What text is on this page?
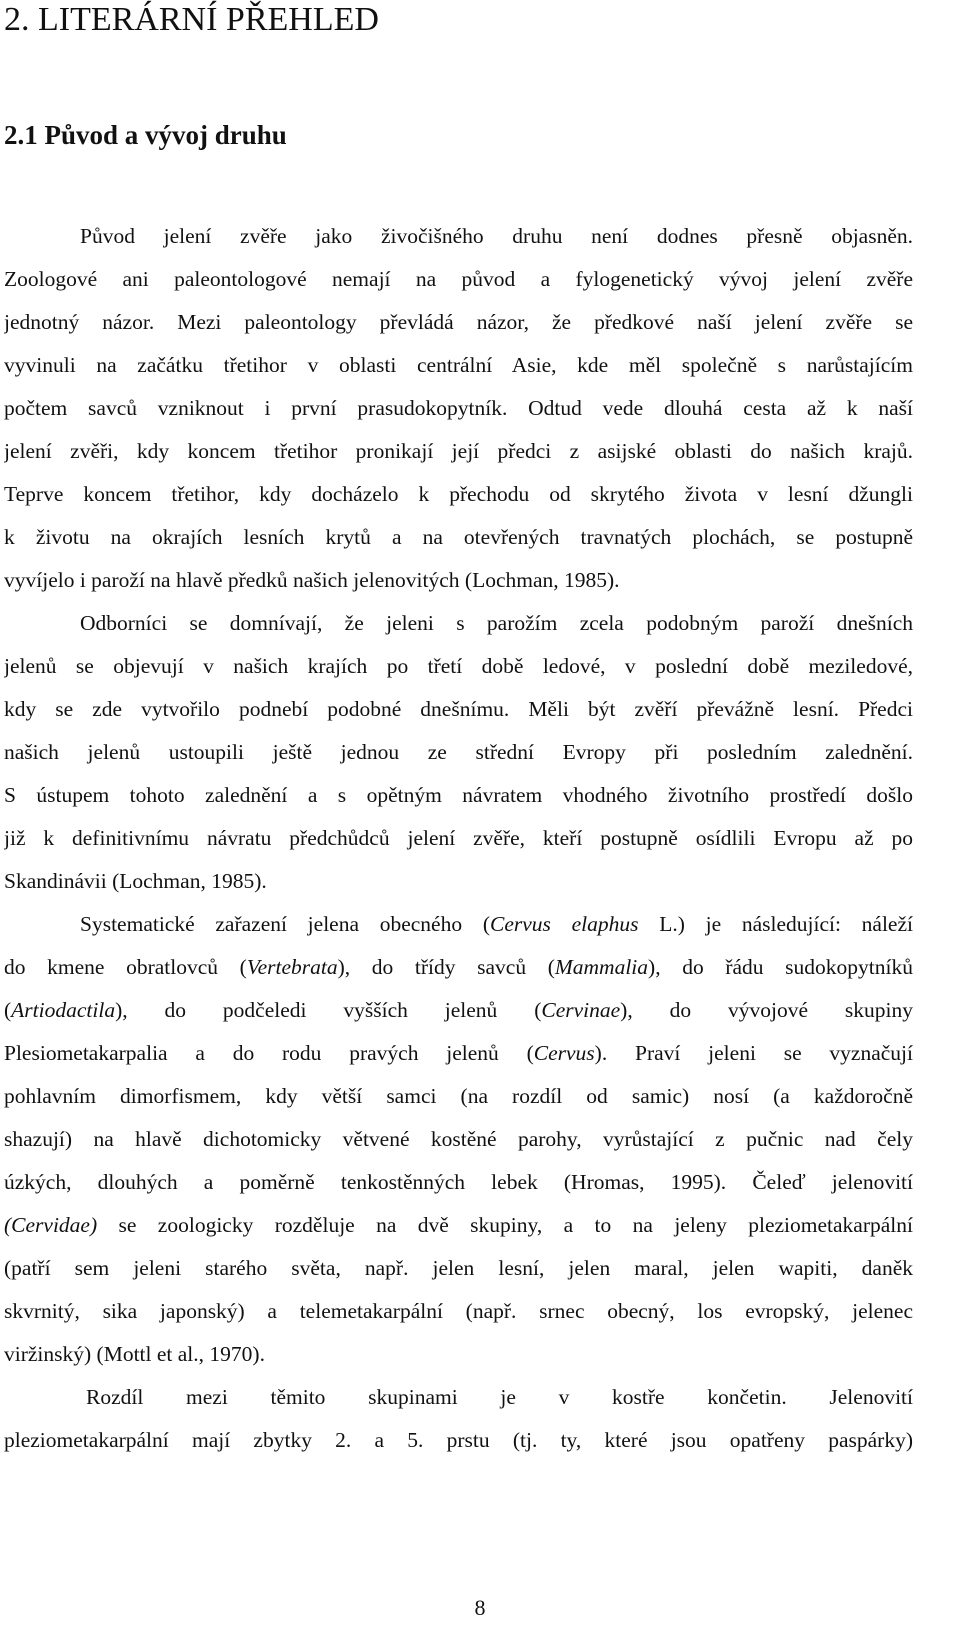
2. LITERÁRNÍ PŘEHLED
2.1 Původ a vývoj druhu
Původ jelení zvěře jako živočišného druhu není dodnes přesně objasněn.
Zoologové ani paleontologové nemají na původ a fylogenetický vývoj jelení zvěře
jednotný názor. Mezi paleontology převládá názor, že předkové naší jelení zvěře se
vyvinuli na začátku třetihor v oblasti centrální Asie, kde měl společně s narůstajícím
počtem savců vzniknout i první prasudokopytník. Odtud vede dlouhá cesta až k naší
jelení zvěři, kdy koncem třetihor pronikají její předci z asijské oblasti do našich krajů.
Teprve koncem třetihor, kdy docházelo k přechodu od skrytého života v lesní džungli
k životu na okrajích lesních krytů a na otevřených travnatých plochách, se postupně
vyvíjelo i paroží na hlavě předků našich jelenovitých (Lochman, 1985).
Odborníci se domnívají, že jeleni s parožím zcela podobným paroží dnešních
jelenů se objevují v našich krajích po třetí době ledové, v poslední době meziledové,
kdy se zde vytvořilo podnebí podobné dnešnímu. Měli být zvěří převážně lesní. Předci
našich jelenů ustoupili ještě jednou ze střední Evropy při posledním zalednění.
S ústupem tohoto zalednění a s opětným návratem vhodného životního prostředí došlo
již k definitivnímu návratu předchůdců jelení zvěře, kteří postupně osídlili Evropu až po
Skandinávii (Lochman, 1985).
Systematické zařazení jelena obecného (Cervus elaphus L.) je následující: náleží
do kmene obratlovců (Vertebrata), do třídy savců (Mammalia), do řádu sudokopytníků
(Artiodactila), do podčeledi vyšších jelenů (Cervinae), do vývojové skupiny
Plesiometakarpalia a do rodu pravých jelenů (Cervus). Praví jeleni se vyznačují
pohlavním dimorfismem, kdy větší samci (na rozdíl od samic) nosí (a každoročně
shazují) na hlavě dichotomicky větvené kostěné parohy, vyrůstající z pučnic nad čely
úzkých, dlouhých a poměrně tenkostěnných lebek (Hromas, 1995). Čeleď jelenovití
(Cervidae) se zoologicky rozděluje na dvě skupiny, a to na jeleny pleziometakarpální
(patří sem jeleni starého světa, např. jelen lesní, jelen maral, jelen wapiti, daněk
skvrnitý, sika japonský) a telemetakarpální (např. srnec obecný, los evropský, jelenec
viržinský) (Mottl et al., 1970).
Rozdíl mezi těmito skupinami je v kostře končetin. Jelenovití
pleziometakarpální mají zbytky 2. a 5. prstu (tj. ty, které jsou opatřeny paspárky)
8
